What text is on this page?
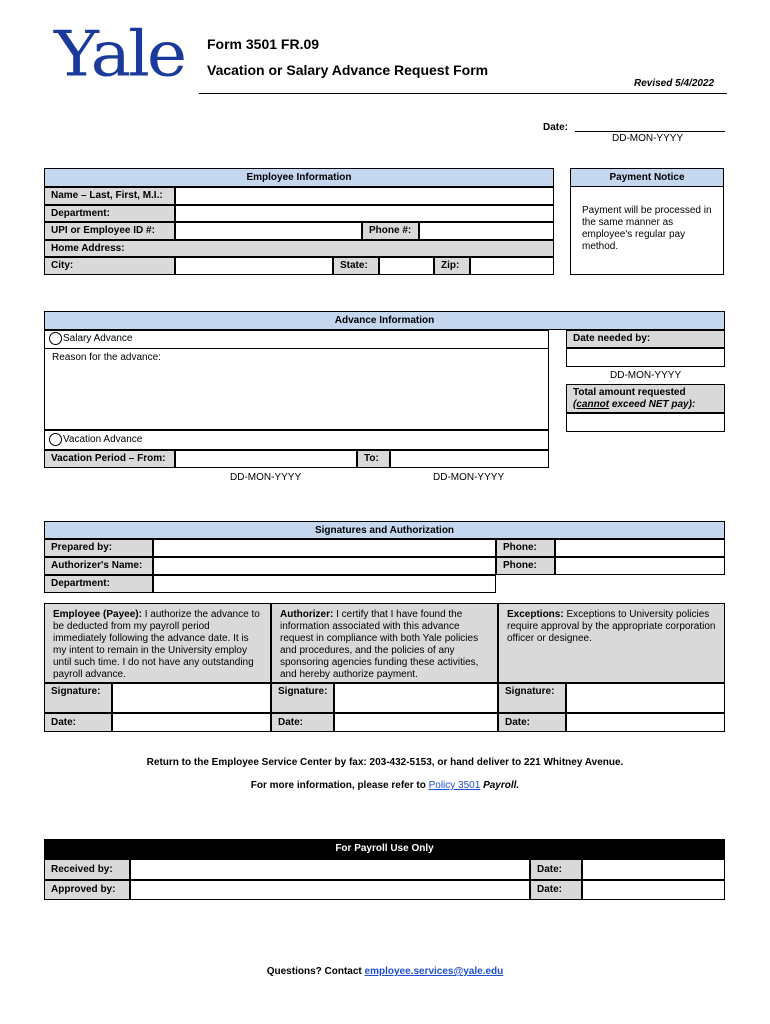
Yale Form 3501 FR.09
Vacation or Salary Advance Request Form
Revised 5/4/2022
Date:
DD-MON-YYYY
Employee Information
Name – Last, First, M.I.:
Department:
UPI or Employee ID #:	Phone #:
Home Address:
City:	State:	Zip:
Payment Notice
Payment will be processed in
the same manner as
employee's regular pay
method.
Advance Information
Salary Advance
Reason for the advance:
Vacation Advance
Vacation Period – From:	To:
DD-MON-YYYY	DD-MON-YYYY
Date needed by:
DD-MON-YYYY
Total amount requested
(cannot exceed NET pay):
Signatures and Authorization
Prepared by:	Phone:
Authorizer's Name:	Phone:
Department:
Employee (Payee): I authorize the advance to
be deducted from my payroll period
immediately following the advance date. It is
my intent to remain in the University employ
until such time. I do not have any outstanding
payroll advance.
Authorizer: I certify that I have found the
information associated with this advance
request in compliance with both Yale policies
and procedures, and the policies of any
sponsoring agencies funding these activities,
and hereby authorize payment.
Exceptions: Exceptions to University policies
require approval by the appropriate corporation
officer or designee.
Signature:	Signature:	Signature:
Date:	Date:	Date:
Return to the Employee Service Center by fax: 203-432-5153, or hand deliver to 221 Whitney Avenue.
For more information, please refer to Policy 3501 Payroll.
For Payroll Use Only
Received by:	Date:
Approved by:	Date:
Questions? Contact employee.services@yale.edu
